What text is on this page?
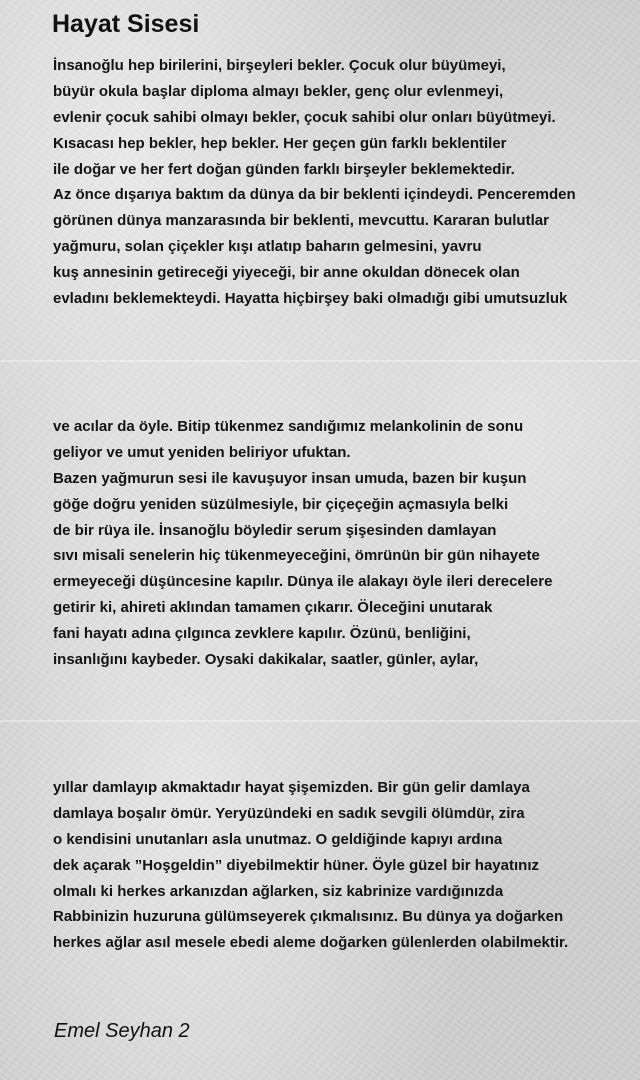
Hayat Sisesi
İnsanoğlu hep birilerini, birşeyleri bekler. Çocuk olur büyümeyi,
büyür okula başlar diploma almayı bekler, genç olur evlenmeyi,
evlenir çocuk sahibi olmayı bekler, çocuk sahibi olur onları büyütmeyi.
Kısacası hep bekler, hep bekler. Her geçen gün farklı beklentiler
ile doğar ve her fert doğan günden farklı birşeyler beklemektedir.
Az önce dışarıya baktım da dünya da bir beklenti içindeydi. Penceremden
görünen dünya manzarasında bir beklenti, mevcuttu. Kararan bulutlar
yağmuru, solan çiçekler kışı atlatıp baharın gelmesini, yavru
kuş annesinin getireceği yiyeceği, bir anne okuldan dönecek olan
evladını beklemekteydi. Hayatta hiçbirşey baki olmadığı gibi umutsuzluk
ve acılar da öyle. Bitip tükenmez sandığımız melankolinin de sonu
geliyor ve umut yeniden beliriyor ufuktan.
Bazen yağmurun sesi ile kavuşuyor insan umuda, bazen bir kuşun
göğe doğru yeniden süzülmesiyle, bir çiçeçeğin açmasıyla belki
de bir rüya ile. İnsanoğlu böyledir serum şişesinden damlayan
sıvı misali senelerin hiç tükenmeyeceğini, ömrünün bir gün nihayete
ermeyeceği düşüncesine kapılır. Dünya ile alakayı öyle ileri derecelere
getirir ki, ahireti aklından tamamen çıkarır. Öleceğini unutarak
fani hayatı adına çılgınca zevklere kapılır. Özünü, benliğini,
insanlığını kaybeder. Oysaki dakikalar, saatler, günler, aylar,
yıllar damlayıp akmaktadır hayat şişemizden. Bir gün gelir damlaya
damlaya boşalır ömür. Yeryüzündeki en sadık sevgili ölümdür, zira
o kendisini unutanları asla unutmaz. O geldiğinde kapıyı ardına
dek açarak ”Hoşgeldin” diyebilmektir hüner. Öyle güzel bir hayatınız
olmalı ki herkes arkanızdan ağlarken, siz kabrinize vardığınızda
Rabbinizin huzuruna gülümseyerek çıkmalısınız. Bu dünya ya doğarken
herkes ağlar asıl mesele ebedi aleme doğarken gülenlerden olabilmektir.
Emel Seyhan 2
